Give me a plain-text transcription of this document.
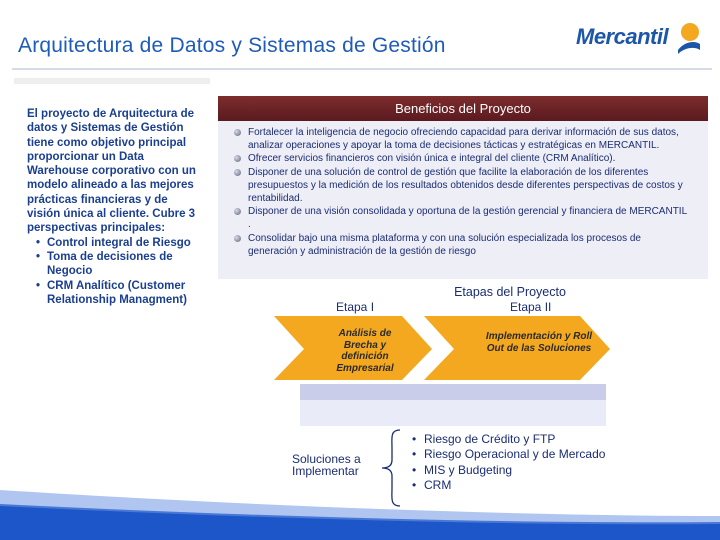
Arquitectura de Datos y Sistemas de Gestión	Mercantil
El proyecto de Arquitectura de datos y Sistemas de Gestión tiene como objetivo principal proporcionar un Data Warehouse corporativo con un modelo alineado a las mejores prácticas financieras y de visión única al cliente. Cubre 3 perspectivas principales:
• Control integral de Riesgo
• Toma de decisiones de Negocio
• CRM Analítico (Customer Relationship Managment)
Beneficios del Proyecto
Fortalecer la inteligencia de negocio ofreciendo capacidad para derivar información de sus datos, analizar operaciones y apoyar la toma de decisiones tácticas y estratégicas en MERCANTIL.
Ofrecer servicios financieros con visión única e integral del cliente (CRM Analítico).
Disponer de una solución de control de gestión que facilite la elaboración de los diferentes presupuestos y la medición de los resultados obtenidos desde diferentes perspectivas de costos y rentabilidad.
Disponer de una visión consolidada y oportuna de la gestión gerencial y financiera de MERCANTIL .
Consolidar bajo una misma plataforma y con una solución especializada los procesos de generación y administración de la gestión de riesgo
Etapas del Proyecto
Etapa I	Etapa II
Análisis de Brecha y definición Empresarial
Implementación y Roll Out de las Soluciones
Soluciones a Implementar
• Riesgo de Crédito y FTP
• Riesgo Operacional y de Mercado
• MIS y Budgeting
• CRM
